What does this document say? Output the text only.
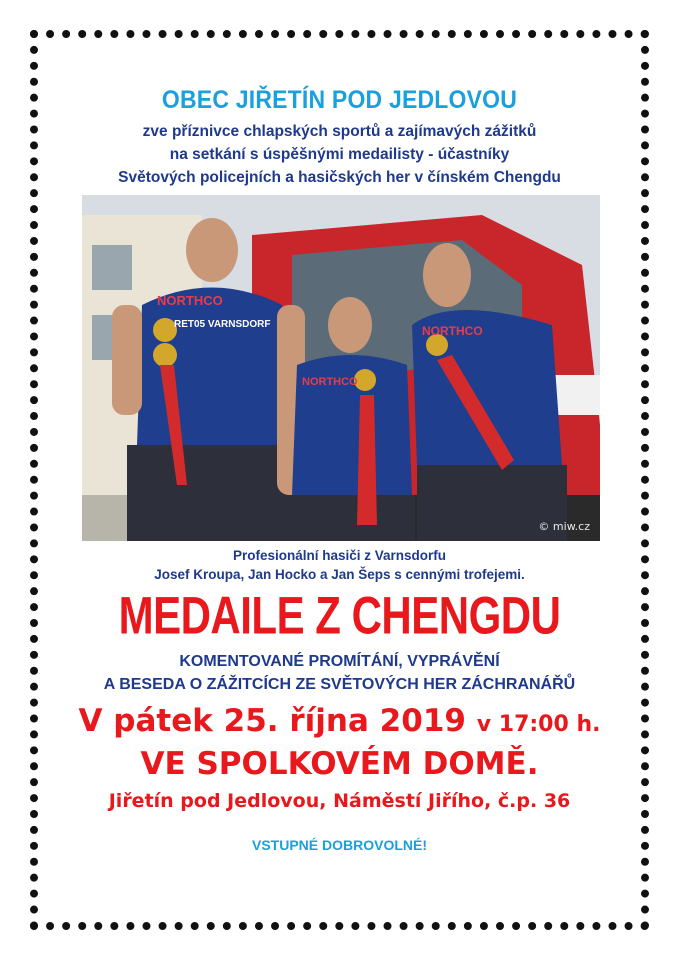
OBEC JIŘETÍN POD JEDLOVOU
zve příznivce chlapských sportů a zajímavých zážitků
na setkání s úspěšnými medailisty - účastníky
Světových policejních a hasičských her v čínském Chengdu
NORTHCO
RET05 VARNSDORF
NORTHCO
NORTHCO
© miw.cz
Profesionální hasiči z Varnsdorfu
Josef Kroupa, Jan Hocko a Jan Šeps s cennými trofejemi.
MEDAILE Z CHENGDU
KOMENTOVANÉ PROMÍTÁNÍ, VYPRÁVĚNÍ
A BESEDA O ZÁŽITCÍCH ZE SVĚTOVÝCH HER ZÁCHRANÁŘŮ
V pátek 25. října 2019 v 17:00 h.
VE SPOLKOVÉM DOMĚ.
Jiřetín pod Jedlovou, Náměstí Jiřího, č.p. 36
VSTUPNÉ DOBROVOLNÉ!
